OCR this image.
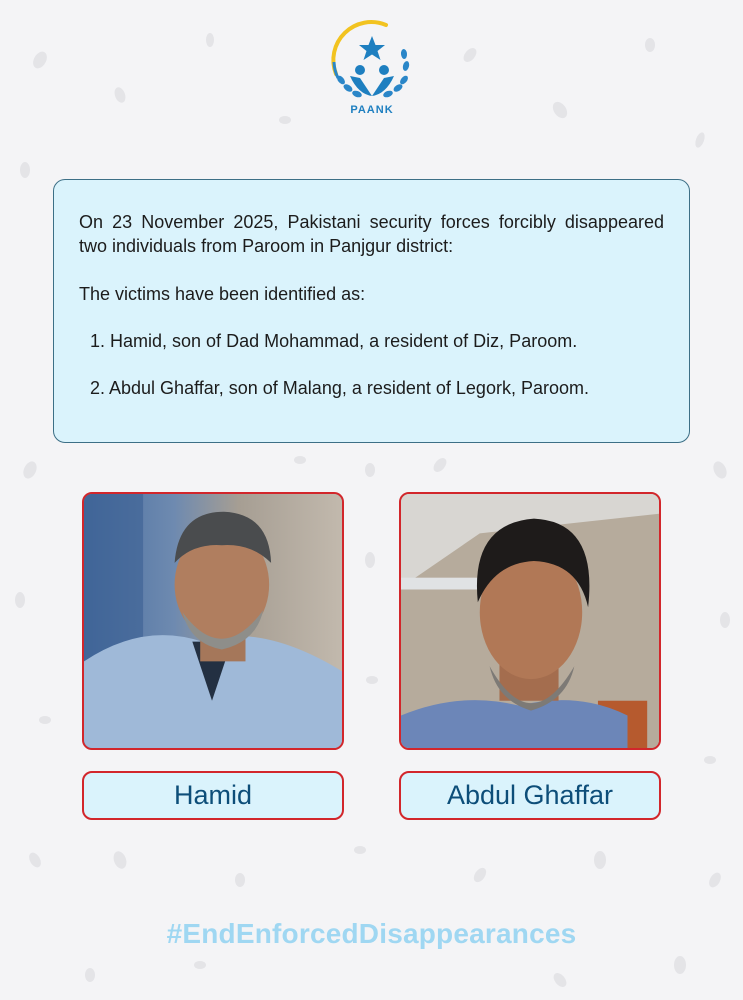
PAANK

On 23 November 2025, Pakistani security forces forcibly disappeared two individuals from Paroom in Panjgur district:

The victims have been identified as:

1. Hamid, son of Dad Mohammad, a resident of Diz, Paroom.
2. Abdul Ghaffar, son of Malang, a resident of Legork, Paroom.
Hamid	Abdul Ghaffar
#EndEnforcedDisappearances
